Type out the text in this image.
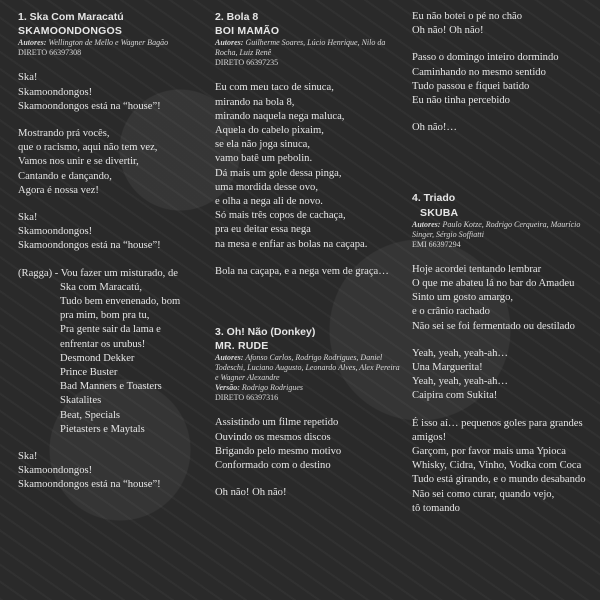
1. Ska Com Maracatú
SKAMOONDONGOS
Autores: Wellington de Mello e Wagner Bagão
DIRETO 66397308
Ska!
Skamoondongos!
Skamoondongos está na “house”!
Mostrando prá vocês,
que o racismo, aqui não tem vez,
Vamos nos unir e se divertir,
Cantando e dançando,
Agora é nossa vez!
Ska!
Skamoondongos!
Skamoondongos está na “house”!
(Ragga) - Vou fazer um misturado, de
Ska com Maracatú,
Tudo bem envenenado, bom
pra mim, bom pra tu,
Pra gente sair da lama e
enfrentar os urubus!
Desmond Dekker
Prince Buster
Bad Manners e Toasters
Skatalites
Beat, Specials
Pietasters e Maytals
Ska!
Skamoondongos!
Skamoondongos está na “house”!
2. Bola 8
BOI MAMÃO
Autores: Guilherme Soares, Lúcio Henrique, Nilo da Rocha, Luiz Renê
DIRETO 66397235
Eu com meu taco de sinuca,
mirando na bola 8,
mirando naquela nega maluca,
Aquela do cabelo pixaim,
se ela não joga sinuca,
vamo batê um pebolin.
Dá mais um gole dessa pinga,
uma mordida desse ovo,
e olha a nega ali de novo.
Só mais três copos de cachaça,
pra eu deitar essa nega
na mesa e enfiar as bolas na caçapa.
Bola na caçapa, e a nega vem de graça…
3. Oh! Não (Donkey)
MR. RUDE
Autores: Afonso Carlos, Rodrigo Rodrigues, Daniel Todeschi, Luciano Augusto, Leonardo Alves, Alex Pereira e Wagner Alexandre
Versão: Rodrigo Rodrigues
DIRETO 66397316
Assistindo um filme repetido
Ouvindo os mesmos discos
Brigando pelo mesmo motivo
Conformado com o destino
Oh não! Oh não!
Eu não botei o pé no chão
Oh não! Oh não!
Passo o domingo inteiro dormindo
Caminhando no mesmo sentido
Tudo passou e fiquei batido
Eu não tinha percebido
Oh não!…
4. Triado
SKUBA
Autores: Paulo Kotze, Rodrigo Cerqueira, Maurício Singer, Sérgio Soffiatti
EMI 66397294
Hoje acordei tentando lembrar
O que me abateu lá no bar do Amadeu
Sinto um gosto amargo,
e o crânio rachado
Não sei se foi fermentado ou destilado
Yeah, yeah, yeah-ah…
Una Marguerita!
Yeah, yeah, yeah-ah…
Caipira com Sukita!
É isso aí… pequenos goles para grandes
amigos!
Garçom, por favor mais uma Ypioca
Whisky, Cidra, Vinho, Vodka com Coca
Tudo está girando, e o mundo desabando
Não sei como curar, quando vejo,
tô tomando
